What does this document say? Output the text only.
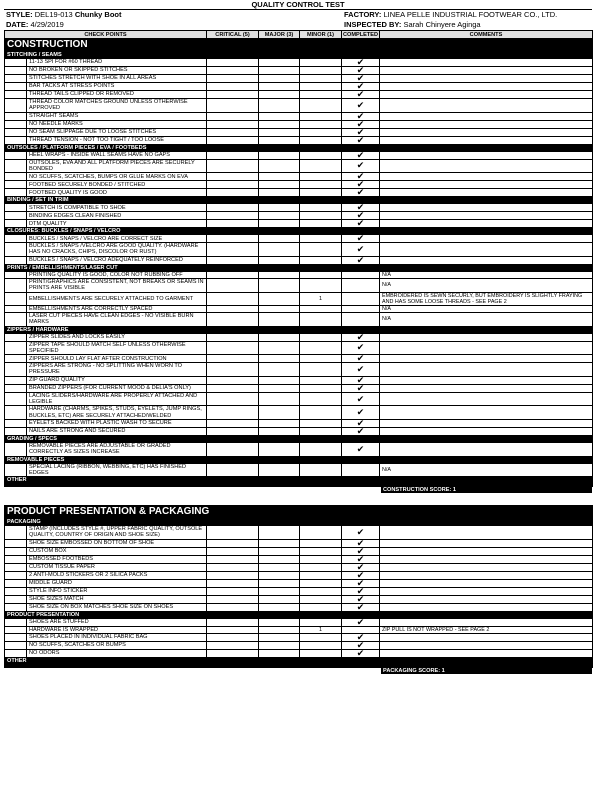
QUALITY CONTROL TEST
STYLE: DEL19-013 Chunky Boot	FACTORY: LINEA PELLE INDUSTRIAL FOOTWEAR CO., LTD.
DATE: 4/29/2019	INSPECTED BY: Sarah Chinyere Aginga
CHECK POINTS		CRITICAL (5)	MAJOR (3)	MINOR (1)	COMPLETED	COMMENTS
CONSTRUCTION						
STITCHING / SEAMS						
	11-13 SPI FOR #60 THREAD				✔	
	NO BROKEN OR SKIPPED STITCHES				✔	
	STITCHES STRETCH WITH SHOE IN ALL AREAS				✔	
	BAR TACKS AT STRESS POINTS				✔	
	THREAD TAILS CLIPPED OR REMOVED				✔	
	THREAD COLOR MATCHES GROUND UNLESS OTHERWISE APPROVED				✔	
	STRAIGHT SEAMS				✔	
	NO NEEDLE MARKS				✔	
	NO SEAM SLIPPAGE DUE TO LOOSE STITCHES				✔	
	THREAD TENSION - NOT TOO TIGHT / TOO LOOSE				✔	
OUTSOLES / PLATFORM PIECES / EVA / FOOTBEDS						
	HEEL WRAPS - INSIDE WALL SEAMS HAVE NO GAPS				✔	
	OUTSOLES, EVA AND ALL PLATFORM PIECES ARE SECURELY BONDED				✔	
	NO SCUFFS, SCATCHES, BUMPS OR GLUE MARKS ON EVA				✔	
	FOOTBED SECURELY BONDED / STITCHED				✔	
	FOOTBED QUALITY IS GOOD				✔	
BINDING / SET IN TRIM						
	STRETCH IS COMPATIBLE TO SHOE				✔	
	BINDING EDGES CLEAN FINISHED				✔	
	DTM QUALITY				✔	
CLOSURES: BUCKLES / SNAPS / VELCRO						
	BUCKLES / SNAPS / VELCRO ARE CORRECT SIZE				✔	
	BUCKLES / SNAPS /VELCRO ARE GOOD QUALITY. (HARDWARE HAS NO CRACKS, CHIPS, DISCOLOR OR RUST)				✔	
	BUCKLES / SNAPS / VELCRO ADEQUATELY REINFORCED				✔	
PRINTS / EMBELLISHMENTS/LASER CUT						
	PRINTING QUALITY IS GOOD, COLOR NOT RUBBING OFF					N/A
	PRINT/GRAPHICS ARE CONSISTENT, NOT BREAKS OR SEAMS IN PRINTS ARE VISIBLE					N/A
	EMBELLISHMENTS ARE SECURELY ATTACHED TO GARMENT			1		EMBROIDERED IS SEWN SECURLY, BUT EMBROIDERY IS SLIGHTLY FRAYING AND HAS SOME LOOSE THREADS - SEE PAGE 2
	EMBELLISHMENTS ARE CORRECTLY SPACED					N/A
	LASER CUT PIECES HAVE CLEAN EDGES - NO VISIBLE BURN MARKS					N/A
ZIPPERS / HARDWARE						
	ZIPPER SLIDES AND LOCKS EASILY				✔	
	ZIPPER TAPE SHOULD MATCH SELF UNLESS OTHERWISE SPECIFIED				✔	
	ZIPPER SHOULD LAY FLAT AFTER CONSTRUCTION				✔	
	ZIPPERS ARE STRONG - NO SPLITTING WHEN WORN TO PRESSURE				✔	
	ZIP GUARD QUALITY				✔	
	BRANDED ZIPPERS (FOR CURRENT MOOD & DELIA'S ONLY)				✔	
	LACING SLIDERS/HARDWARE ARE PROPERLY ATTACHED AND LEGIBLE				✔	
	HARDWARE (CHARMS, SPIKES, STUDS, EYELETS, JUMP RINGS, BUCKLES, ETC) ARE SECURELY ATTACHED/WELDED				✔	
	EYELETS BACKED WITH PLASTIC WASH TO SECURE				✔	
	NAILS ARE STRONG AND SECURED				✔	
GRADING / SPECS						
	REMOVABLE PIECES ARE ADJUSTABLE OR GRADED CORRECTLY AS SIZES INCREASE				✔	
REMOVABLE PIECES						
	SPECIAL LACING (RIBBON, WEBBING, ETC) HAS FINISHED EDGES					N/A
OTHER						

CONSTRUCTION SCORE: 1
PRODUCT PRESENTATION & PACKAGING						
PACKAGING						
	STAMP (INCLUDES STYLE #, UPPER FABRIC QUALITY, OUTSOLE QUALITY, COUNTRY OF ORIGIN AND SHOE SIZE)				✔	
	SHOE SIZE EMBOSSED ON BOTTOM OF SHOE				✔	
	CUSTOM BOX				✔	
	EMBOSSED FOOTBEDS				✔	
	CUSTOM TISSUE PAPER				✔	
	2 ANTI-MOLD STICKERS OR 2 SILICA PACKS				✔	
	MIDDLE GUARD				✔	
	STYLE INFO STICKER				✔	
	SHOE SIZES MATCH				✔	
	SHOE SIZE ON BOX MATCHES SHOE SIZE ON SHOES				✔	
PRODUCT PRESENTATION						
	SHOES ARE STUFFED				✔	
	HARDWARE IS WRAPPED			1		ZIP PULL IS NOT WRAPPED - SEE PAGE 2
	SHOES PLACED IN INDIVIDUAL FABRIC BAG				✔	
	NO SCUFFS, SCATCHES OR BUMPS				✔	
	NO ODORS				✔	
OTHER						

PACKAGING SCORE: 1
